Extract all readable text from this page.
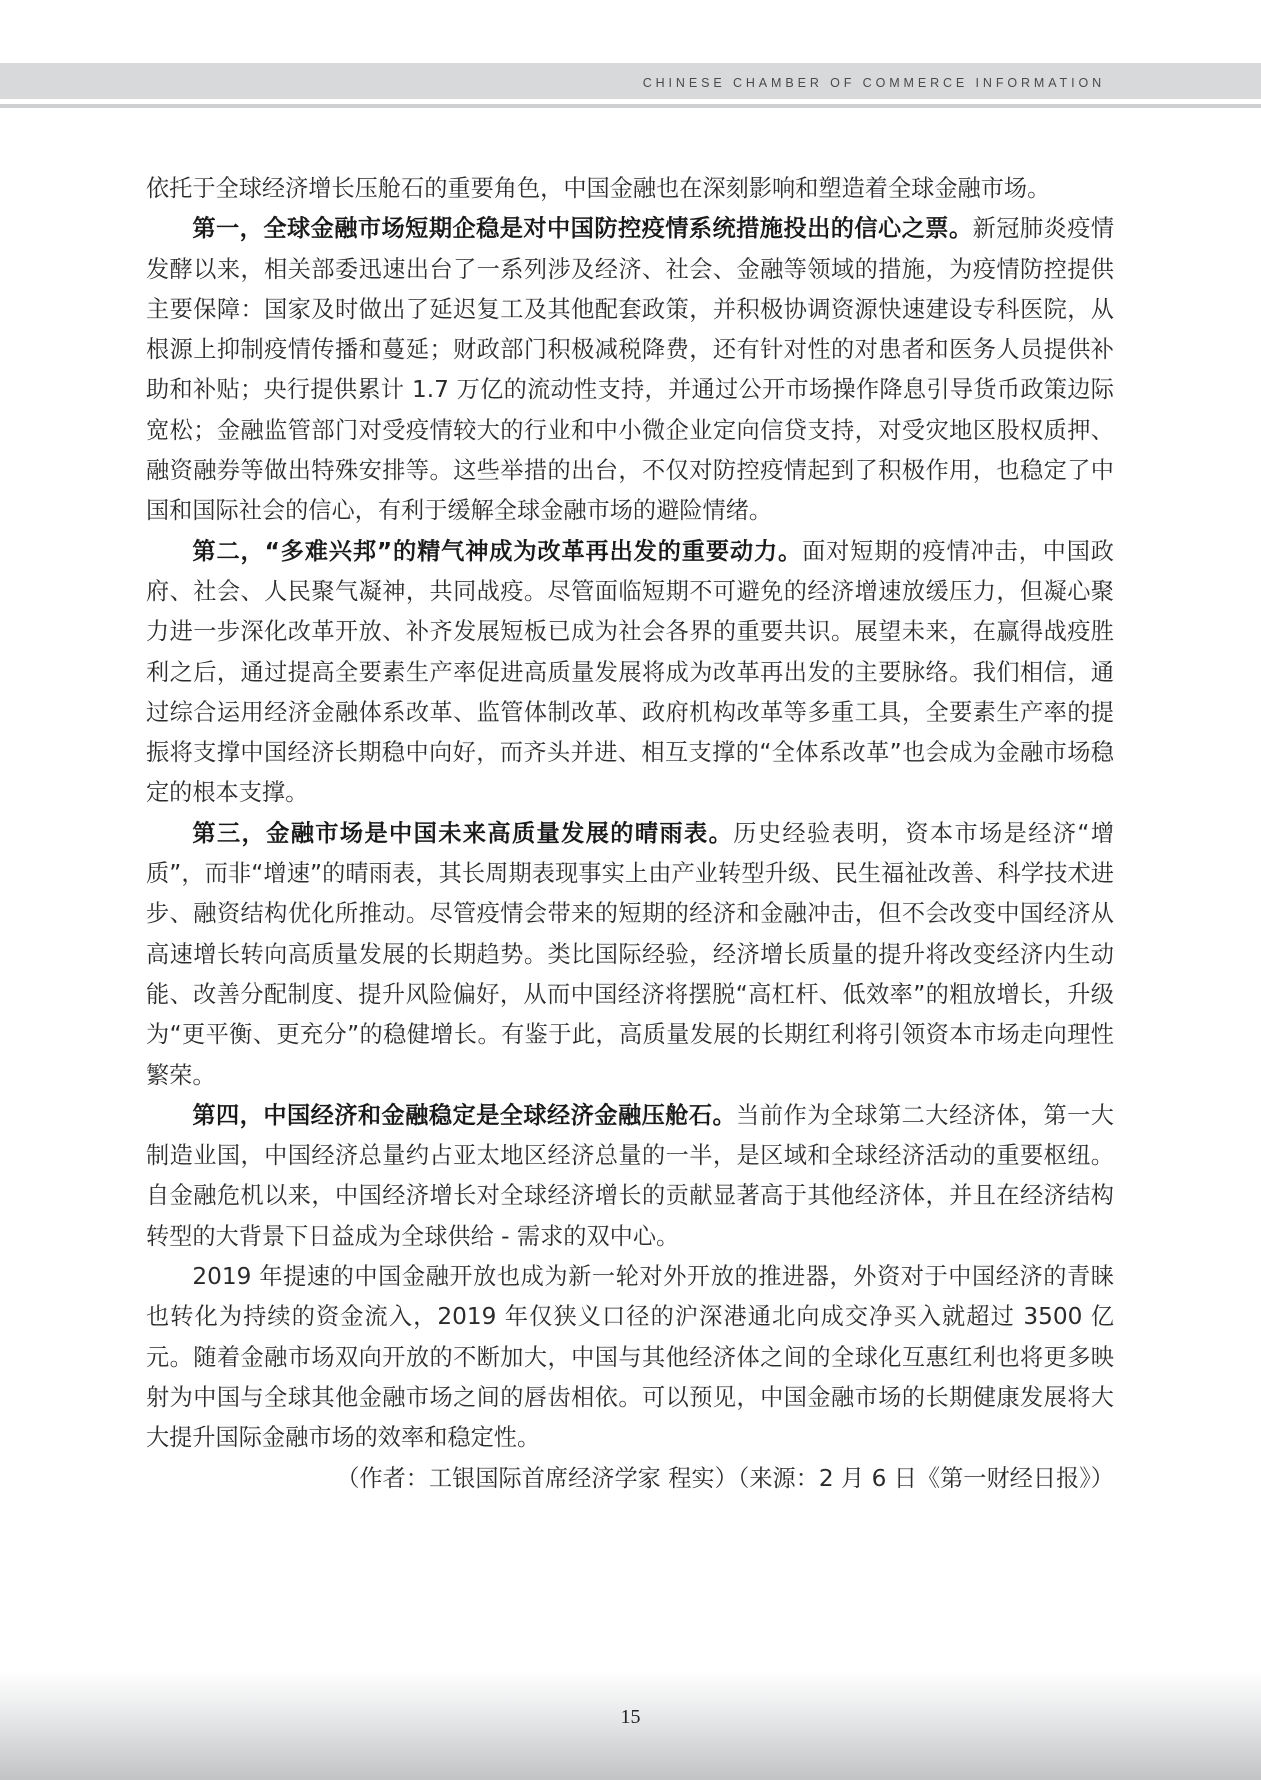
CHINESE CHAMBER OF COMMERCE INFORMATION

依托于全球经济增长压舱石的重要角色，中国金融也在深刻影响和塑造着全球金融市场。

第一，全球金融市场短期企稳是对中国防控疫情系统措施投出的信心之票。新冠肺炎疫情发酵以来，相关部委迅速出台了一系列涉及经济、社会、金融等领域的措施，为疫情防控提供主要保障：国家及时做出了延迟复工及其他配套政策，并积极协调资源快速建设专科医院，从根源上抑制疫情传播和蔓延；财政部门积极减税降费，还有针对性的对患者和医务人员提供补助和补贴；央行提供累计 1.7 万亿的流动性支持，并通过公开市场操作降息引导货币政策边际宽松；金融监管部门对受疫情较大的行业和中小微企业定向信贷支持，对受灾地区股权质押、融资融券等做出特殊安排等。这些举措的出台，不仅对防控疫情起到了积极作用，也稳定了中国和国际社会的信心，有利于缓解全球金融市场的避险情绪。

第二，“多难兴邦”的精气神成为改革再出发的重要动力。面对短期的疫情冲击，中国政府、社会、人民聚气凝神，共同战疫。尽管面临短期不可避免的经济增速放缓压力，但凝心聚力进一步深化改革开放、补齐发展短板已成为社会各界的重要共识。展望未来，在赢得战疫胜利之后，通过提高全要素生产率促进高质量发展将成为改革再出发的主要脉络。我们相信，通过综合运用经济金融体系改革、监管体制改革、政府机构改革等多重工具，全要素生产率的提振将支撑中国经济长期稳中向好，而齐头并进、相互支撑的“全体系改革”也会成为金融市场稳定的根本支撑。

第三，金融市场是中国未来高质量发展的晴雨表。历史经验表明，资本市场是经济“增质”，而非“增速”的晴雨表，其长周期表现事实上由产业转型升级、民生福祉改善、科学技术进步、融资结构优化所推动。尽管疫情会带来的短期的经济和金融冲击，但不会改变中国经济从高速增长转向高质量发展的长期趋势。类比国际经验，经济增长质量的提升将改变经济内生动能、改善分配制度、提升风险偏好，从而中国经济将摆脱“高杠杆、低效率”的粗放增长，升级为“更平衡、更充分”的稳健增长。有鉴于此，高质量发展的长期红利将引领资本市场走向理性繁荣。

第四，中国经济和金融稳定是全球经济金融压舱石。当前作为全球第二大经济体，第一大制造业国，中国经济总量约占亚太地区经济总量的一半，是区域和全球经济活动的重要枢纽。自金融危机以来，中国经济增长对全球经济增长的贡献显著高于其他经济体，并且在经济结构转型的大背景下日益成为全球供给 - 需求的双中心。

2019 年提速的中国金融开放也成为新一轮对外开放的推进器，外资对于中国经济的青睐也转化为持续的资金流入，2019 年仅狭义口径的沪深港通北向成交净买入就超过 3500 亿元。随着金融市场双向开放的不断加大，中国与其他经济体之间的全球化互惠红利也将更多映射为中国与全球其他金融市场之间的唇齿相依。可以预见，中国金融市场的长期健康发展将大大提升国际金融市场的效率和稳定性。

（作者：工银国际首席经济学家 程实）（来源：2 月 6 日《第一财经日报》）

15
